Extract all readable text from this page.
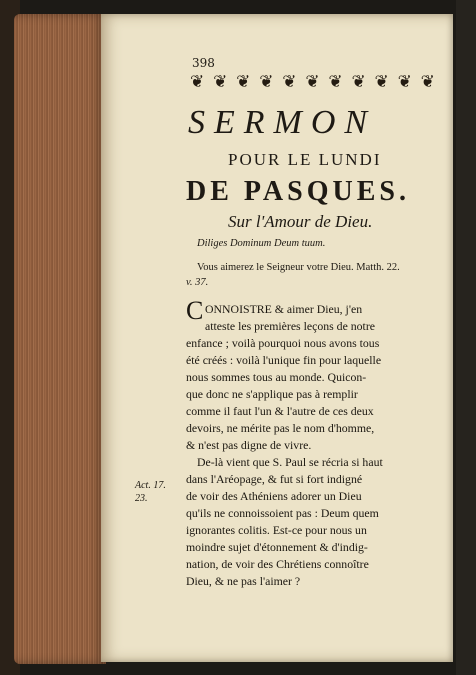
398
❦ ❦ ❦ ❦ ❦ ❦ ❦ ❦ ❦ ❦ ❦
SERMON
POUR LE LUNDI
DE PASQUES.
Sur l'Amour de Dieu.
Diliges Dominum Deum tuum.
Vous aimerez le Seigneur votre Dieu. Matth. 22.
v. 37.
C ONNOISTRE & aimer Dieu, j'en
atteste les premières leçons de notre
enfance ; voilà pourquoi nous avons tous
été créés : voilà l'unique fin pour laquelle
nous sommes tous au monde. Quicon-
que donc ne s'applique pas à remplir
comme il faut l'un & l'autre de ces deux
devoirs, ne mérite pas le nom d'homme,
& n'est pas digne de vivre.
De-là vient que S. Paul se récria si haut
dans l'Aréopage, & fut si fort indigné
de voir des Athéniens adorer un Dieu
qu'ils ne connoissoient pas : Deum quem
ignorantes colitis. Est-ce pour nous un
moindre sujet d'étonnement & d'indig-
nation, de voir des Chrétiens connoître
Dieu, & ne pas l'aimer ?
Act. 17.
23.
